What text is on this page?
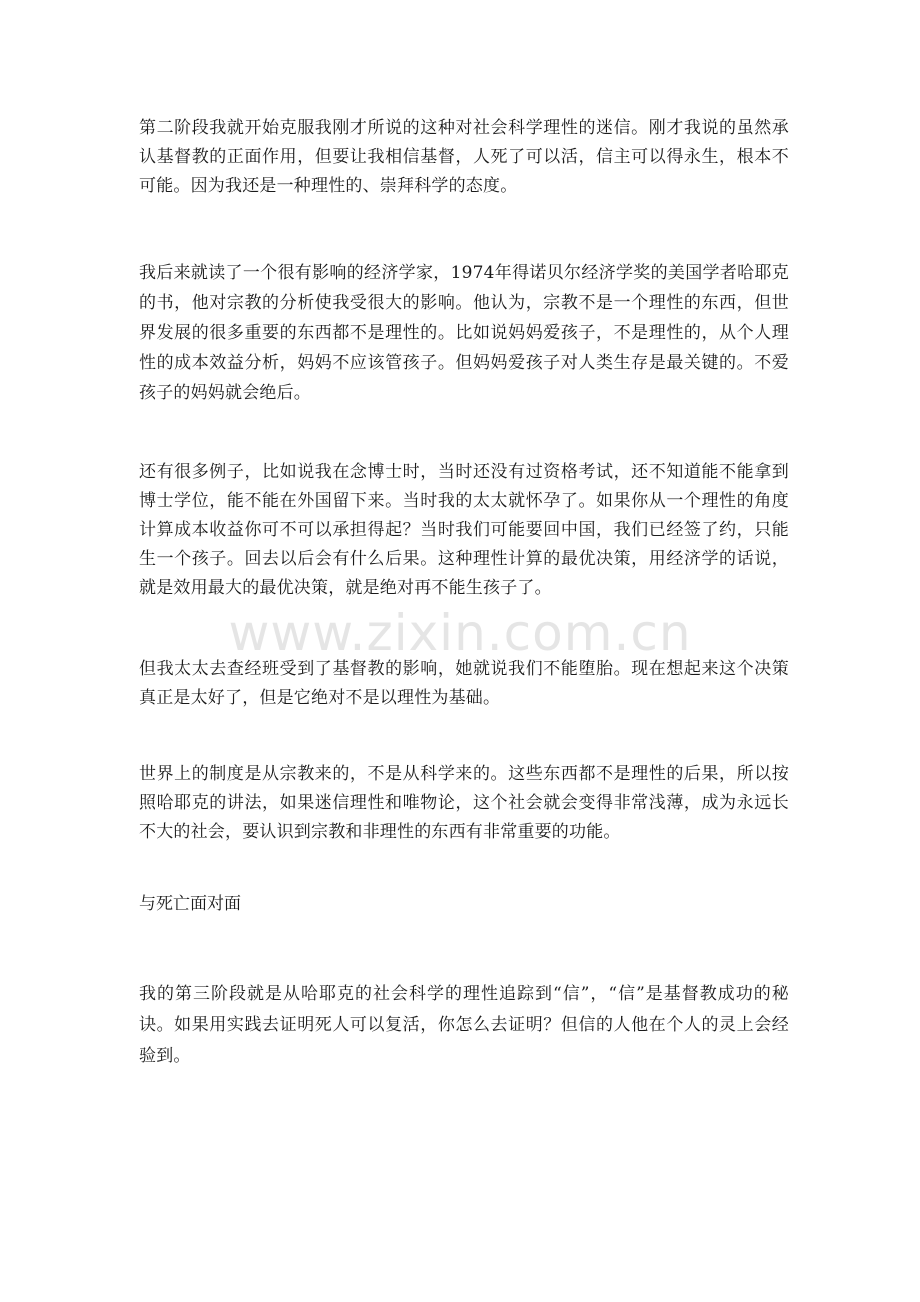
第二阶段我就开始克服我刚才所说的这种对社会科学理性的迷信。刚才我说的虽然承认基督教的正面作用，但要让我相信基督，人死了可以活，信主可以得永生，根本不可能。因为我还是一种理性的、崇拜科学的态度。

我后来就读了一个很有影响的经济学家，1974年得诺贝尔经济学奖的美国学者哈耶克的书，他对宗教的分析使我受很大的影响。他认为，宗教不是一个理性的东西，但世界发展的很多重要的东西都不是理性的。比如说妈妈爱孩子，不是理性的，从个人理性的成本效益分析，妈妈不应该管孩子。但妈妈爱孩子对人类生存是最关键的。不爱孩子的妈妈就会绝后。

还有很多例子，比如说我在念博士时，当时还没有过资格考试，还不知道能不能拿到博士学位，能不能在外国留下来。当时我的太太就怀孕了。如果你从一个理性的角度计算成本收益你可不可以承担得起？当时我们可能要回中国，我们已经签了约，只能生一个孩子。回去以后会有什么后果。这种理性计算的最优决策，用经济学的话说，就是效用最大的最优决策，就是绝对再不能生孩子了。

但我太太去查经班受到了基督教的影响，她就说我们不能堕胎。现在想起来这个决策真正是太好了，但是它绝对不是以理性为基础。

世界上的制度是从宗教来的，不是从科学来的。这些东西都不是理性的后果，所以按照哈耶克的讲法，如果迷信理性和唯物论，这个社会就会变得非常浅薄，成为永远长不大的社会，要认识到宗教和非理性的东西有非常重要的功能。

与死亡面对面

我的第三阶段就是从哈耶克的社会科学的理性追踪到“信”，“信”是基督教成功的秘诀。如果用实践去证明死人可以复活，你怎么去证明？但信的人他在个人的灵上会经验到。

www.zixin.com.cn
